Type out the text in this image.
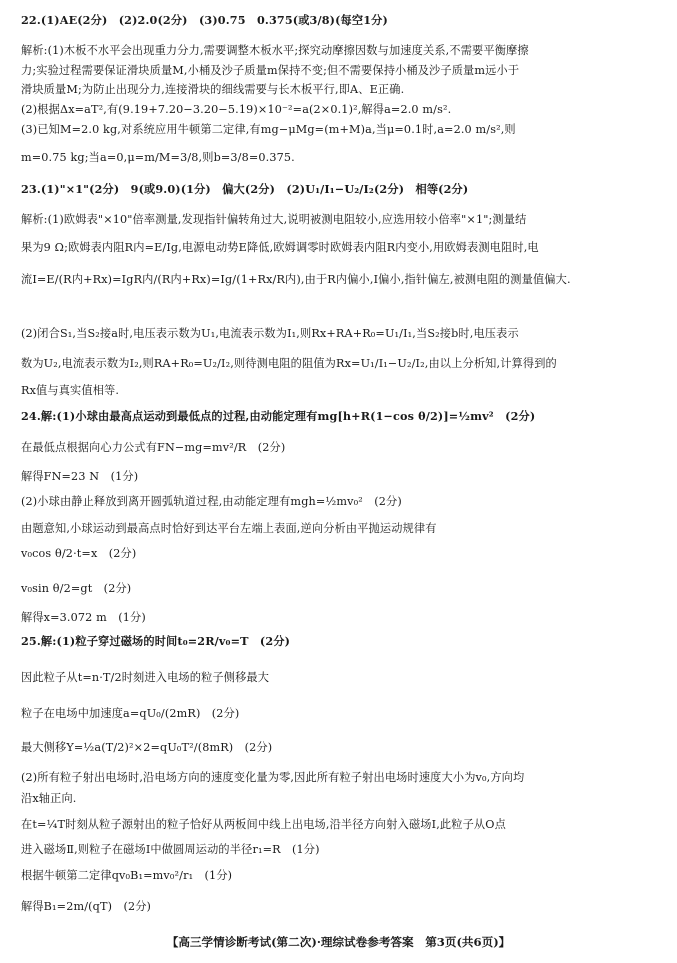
22.(1)AE(2分)　(2)2.0(2分)　(3)0.75　0.375(或3/8)(每空1分)
解析:(1)木板不水平会出现重力分力,需要调整木板水平;探究动摩擦因数与加速度关系,不需要平衡摩擦
力;实验过程需要保证滑块质量M,小桶及沙子质量m保持不变;但不需要保持小桶及沙子质量m远小于
滑块质量M;为防止出现分力,连接滑块的细线需要与长木板平行,即A、E正确.
(2)根据Δx=aT²,有(9.19+7.20−3.20−5.19)×10⁻²=a(2×0.1)²,解得a=2.0 m/s².
(3)已知M=2.0 kg,对系统应用牛顿第二定律,有mg−μMg=(m+M)a,当μ=0.1时,a=2.0 m/s²,则
m=0.75 kg;当a=0,μ=m/M=3/8,则b=3/8=0.375.
23.(1)"×1"(2分)　9(或9.0)(1分)　偏大(2分)　(2)U₁/I₁−U₂/I₂(2分)　相等(2分)
解析:(1)欧姆表"×10"倍率测量,发现指针偏转角过大,说明被测电阻较小,应选用较小倍率"×1";测量结
果为9 Ω;欧姆表内阻R内=E/Ig,电源电动势E降低,欧姆调零时欧姆表内阻R内变小,用欧姆表测电阻时,电
流I=E/(R内+Rx)=IgR内/(R内+Rx)=Ig/(1+Rx/R内),由于R内偏小,I偏小,指针偏左,被测电阻的测量值偏大.
(2)闭合S₁,当S₂接a时,电压表示数为U₁,电流表示数为I₁,则Rx+RA+R₀=U₁/I₁,当S₂接b时,电压表示
数为U₂,电流表示数为I₂,则RA+R₀=U₂/I₂,则待测电阻的阻值为Rx=U₁/I₁−U₂/I₂,由以上分析知,计算得到的
Rx值与真实值相等.
24.解:(1)小球由最高点运动到最低点的过程,由动能定理有mg[h+R(1−cos θ/2)]=½mv²　(2分)
在最低点根据向心力公式有FN−mg=mv²/R　(2分)
解得FN=23 N　(1分)
(2)小球由静止释放到离开圆弧轨道过程,由动能定理有mgh=½mv₀²　(2分)
由题意知,小球运动到最高点时恰好到达平台左端上表面,逆向分析由平抛运动规律有
v₀cos θ/2·t=x　(2分)
v₀sin θ/2=gt　(2分)
解得x=3.072 m　(1分)
25.解:(1)粒子穿过磁场的时间t₀=2R/v₀=T　(2分)
因此粒子从t=n·T/2时刻进入电场的粒子侧移最大
粒子在电场中加速度a=qU₀/(2mR)　(2分)
最大侧移Y=½a(T/2)²×2=qU₀T²/(8mR)　(2分)
(2)所有粒子射出电场时,沿电场方向的速度变化量为零,因此所有粒子射出电场时速度大小为v₀,方向均
沿x轴正向.
在t=¼T时刻从粒子源射出的粒子恰好从两板间中线上出电场,沿半径方向射入磁场Ⅰ,此粒子从O点
进入磁场Ⅱ,则粒子在磁场Ⅰ中做圆周运动的半径r₁=R　(1分)
根据牛顿第二定律qv₀B₁=mv₀²/r₁　(1分)
解得B₁=2m/(qT)　(2分)
【高三学情诊断考试(第二次)·理综试卷参考答案　第3页(共6页)】
